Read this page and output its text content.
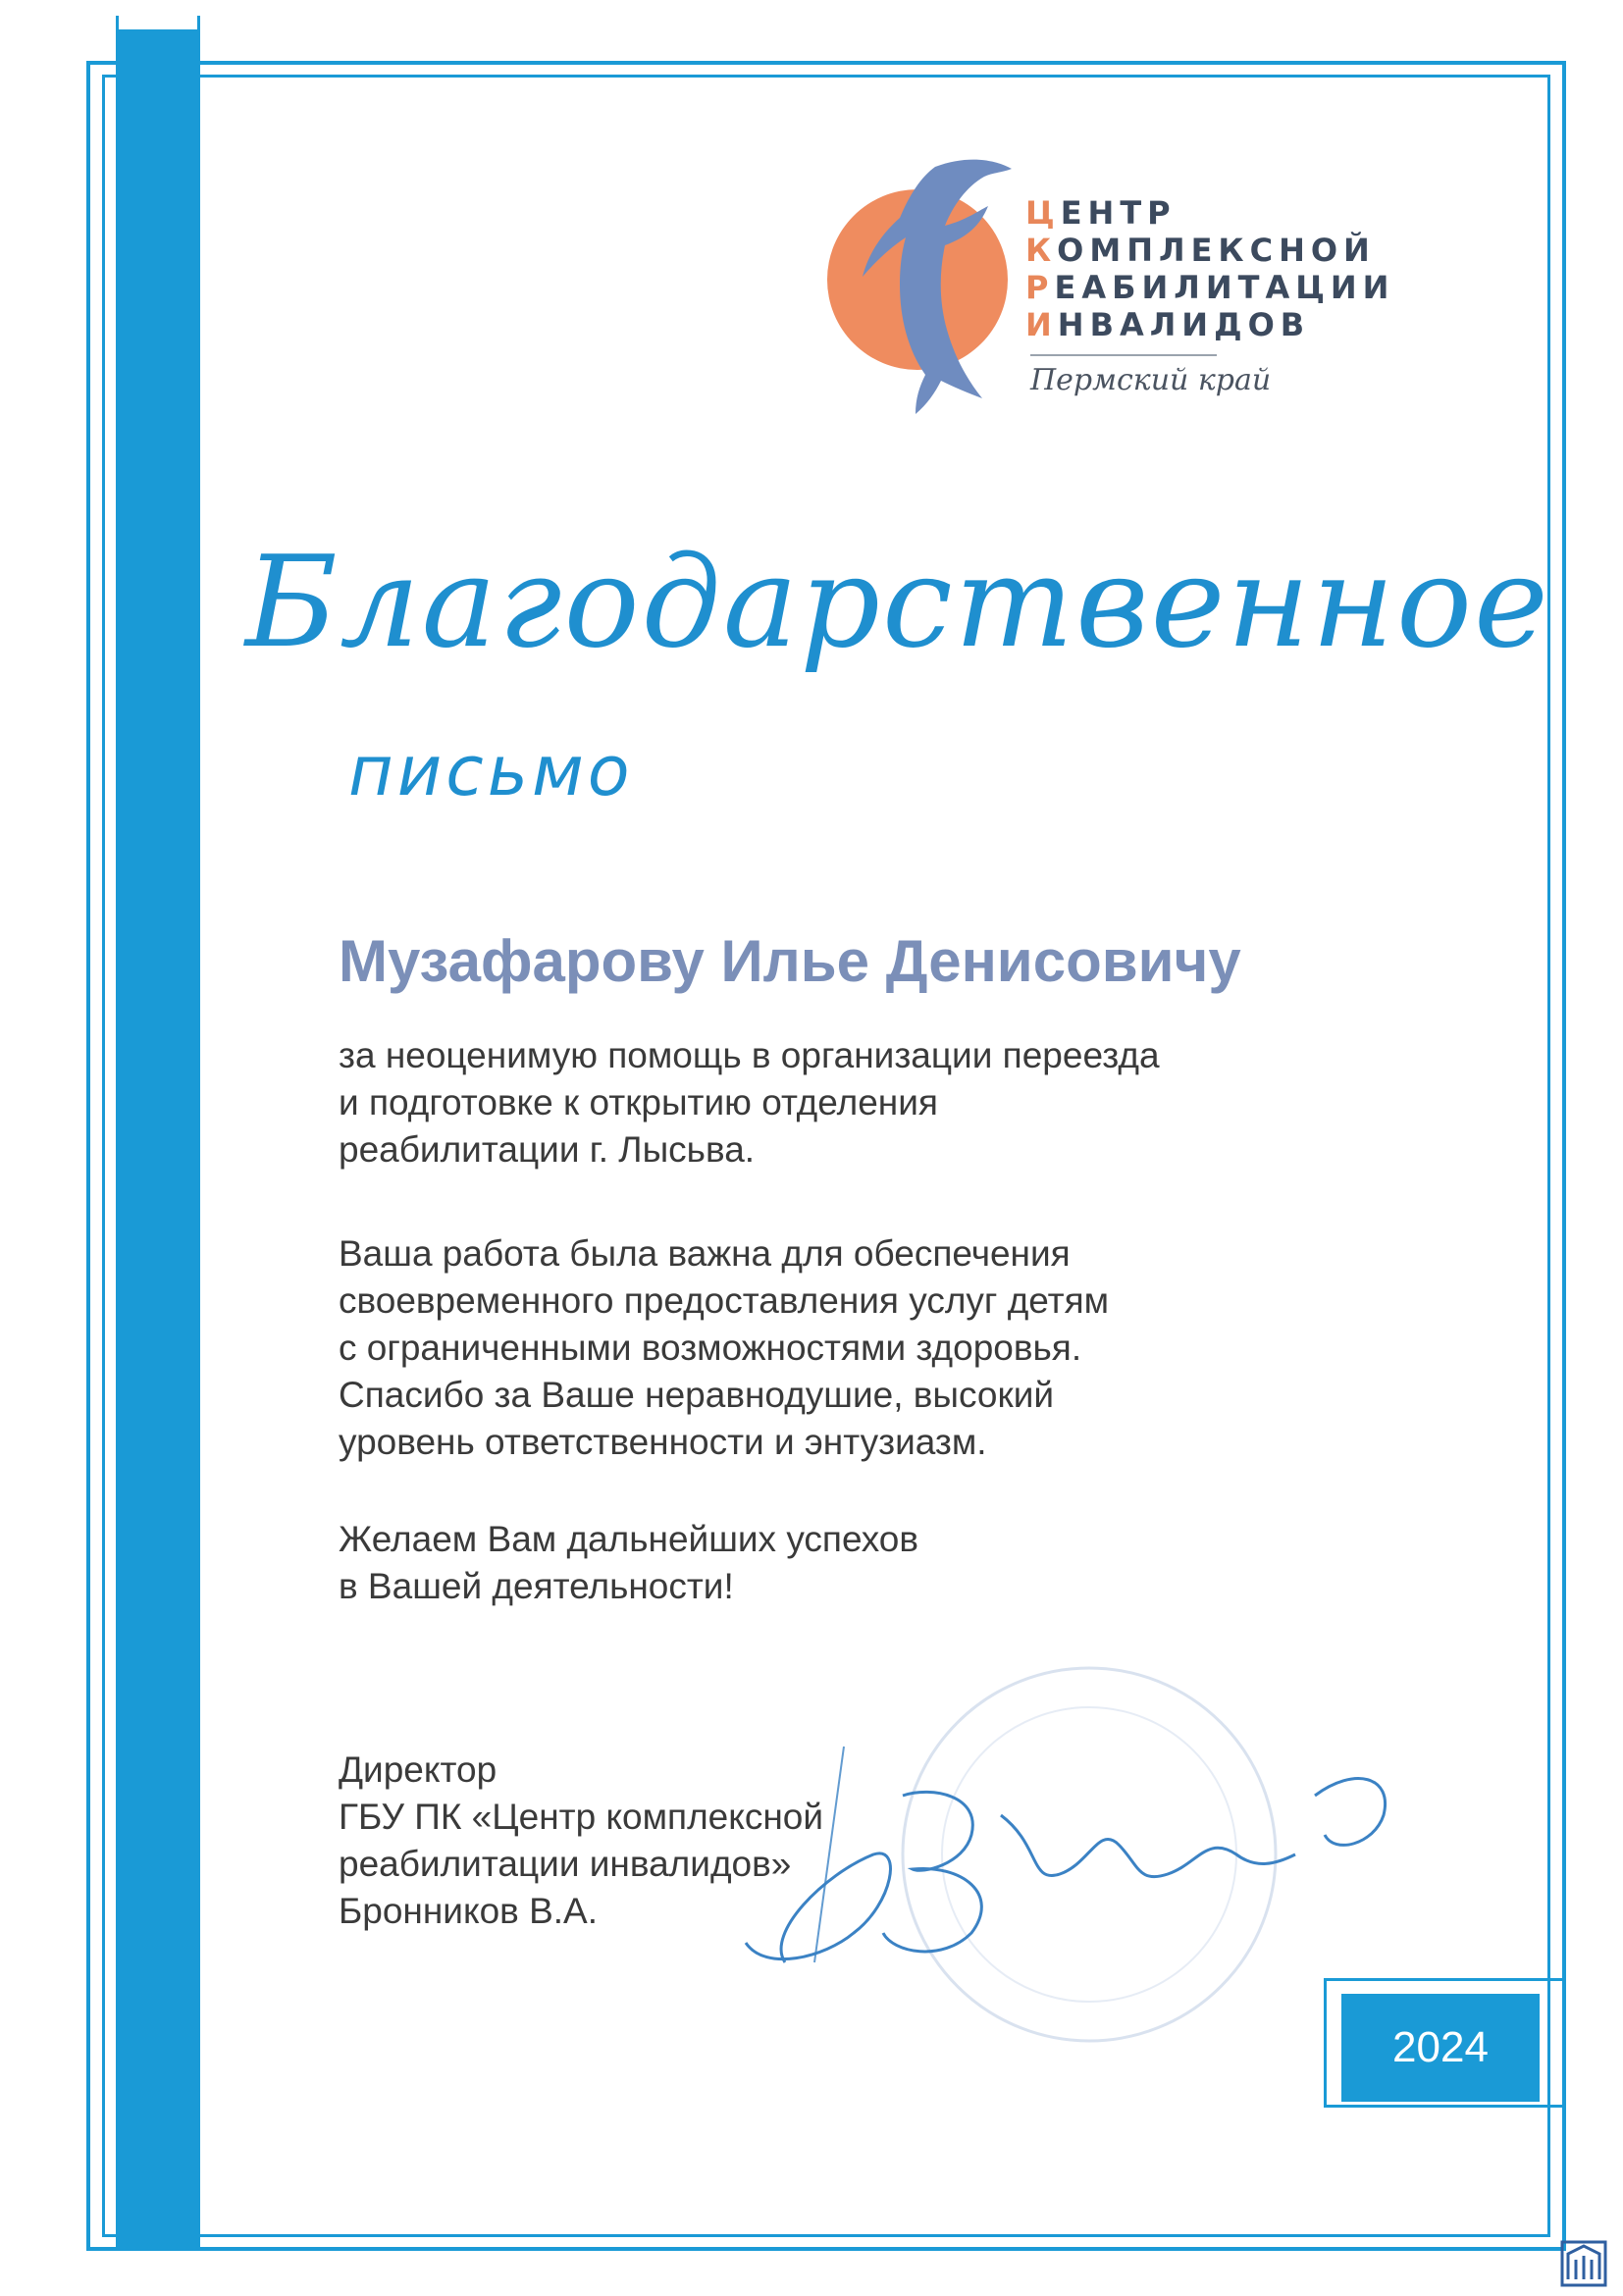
ЦЕНТР
КОМПЛЕКСНОЙ
РЕАБИЛИТАЦИИ
ИНВАЛИДОВ
Пермский край
Благодарственное
письмо
Музафарову Илье Денисовичу
за неоценимую помощь в организации переезда
и подготовке к открытию отделения
реабилитации г. Лысьва.
Ваша работа была важна для обеспечения
своевременного предоставления услуг детям
с ограниченными возможностями здоровья.
Спасибо за Ваше неравнодушие, высокий
уровень ответственности и энтузиазм.
Желаем Вам дальнейших успехов
в Вашей деятельности!
Директор
ГБУ ПК «Центр комплексной
реабилитации инвалидов»
Бронников В.А.
2024
